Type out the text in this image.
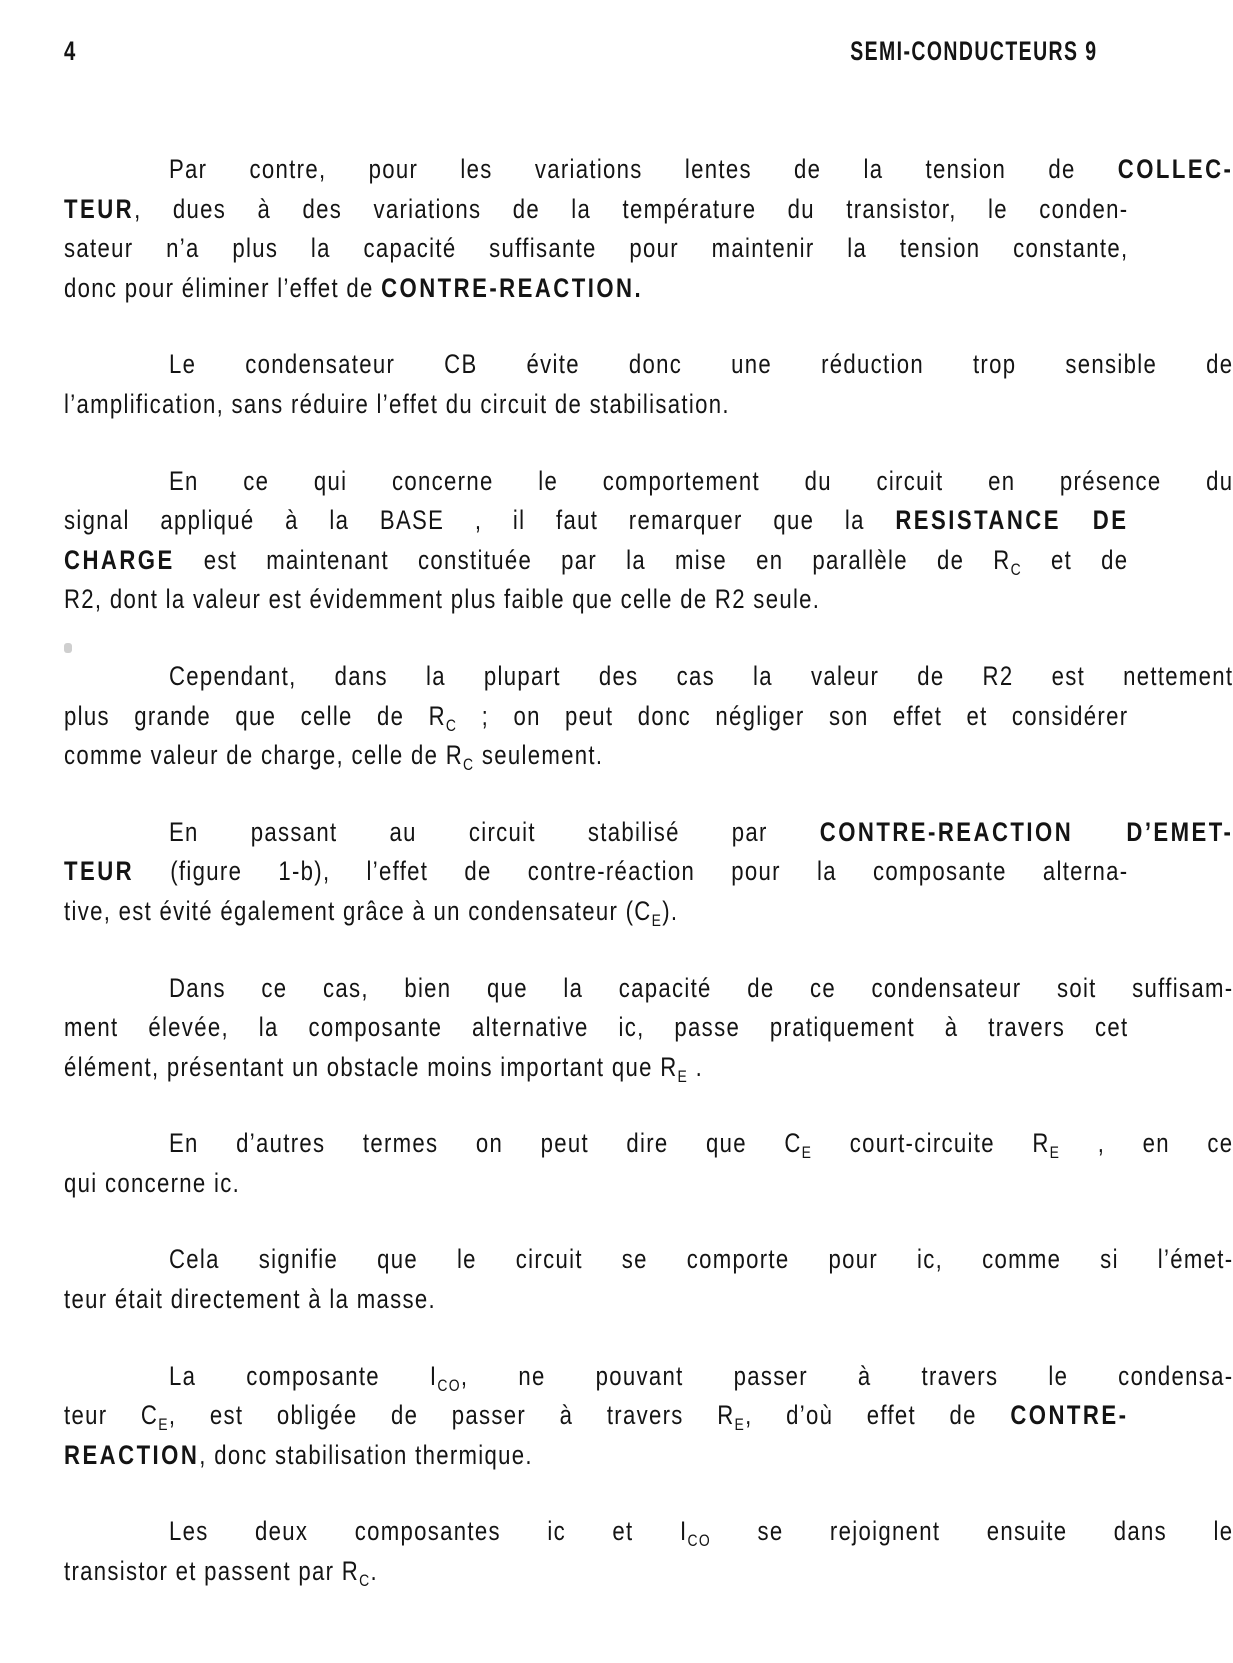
4	SEMI-CONDUCTEURS 9
Par contre, pour les variations lentes de la tension de COLLEC-
TEUR, dues à des variations de la température du transistor, le conden-
sateur n’a plus la capacité suffisante pour maintenir la tension constante,
donc pour éliminer l’effet de CONTRE-REACTION.
Le condensateur CB évite donc une réduction trop sensible de
l’amplification, sans réduire l’effet du circuit de stabilisation.
En ce qui concerne le comportement du circuit en présence du
signal appliqué à la BASE , il faut remarquer que la RESISTANCE DE
CHARGE est maintenant constituée par la mise en parallèle de $R_C$ et de
R2, dont la valeur est évidemment plus faible que celle de R2 seule.
Cependant, dans la plupart des cas la valeur de R2 est nettement
plus grande que celle de $R_C$ ; on peut donc négliger son effet et considérer
comme valeur de charge, celle de $R_C$ seulement.
En passant au circuit stabilisé par CONTRE-REACTION D’EMET-
TEUR (figure 1-b), l’effet de contre-réaction pour la composante alterna-
tive, est évité également grâce à un condensateur $(C_E)$.
Dans ce cas, bien que la capacité de ce condensateur soit suffisam-
ment élevée, la composante alternative ic, passe pratiquement à travers cet
élément, présentant un obstacle moins important que $R_E$ .
En d’autres termes on peut dire que $C_E$ court-circuite $R_E$ , en ce
qui concerne ic.
Cela signifie que le circuit se comporte pour ic, comme si l’émet-
teur était directement à la masse.
La composante $I_{CO}$, ne pouvant passer à travers le condensa-
teur $C_E$, est obligée de passer à travers $R_E$, d’où effet de CONTRE-
REACTION, donc stabilisation thermique.
Les deux composantes ic et $I_{CO}$ se rejoignent ensuite dans le
transistor et passent par $R_C$.
